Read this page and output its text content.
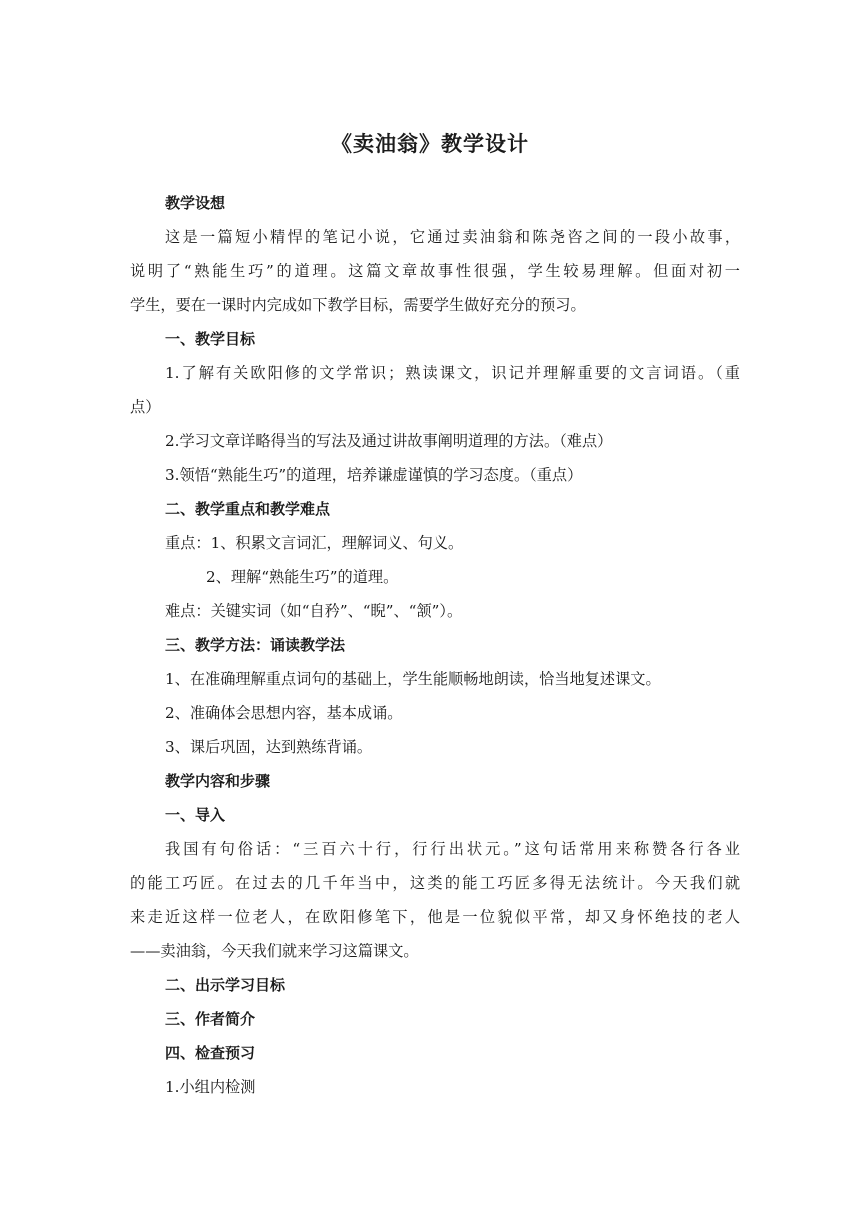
《卖油翁》教学设计
教学设想
这是一篇短小精悍的笔记小说，它通过卖油翁和陈尧咨之间的一段小故事，
说明了“熟能生巧”的道理。这篇文章故事性很强，学生较易理解。但面对初一
学生，要在一课时内完成如下教学目标，需要学生做好充分的预习。
一、教学目标
1.了解有关欧阳修的文学常识；熟读课文，识记并理解重要的文言词语。（重
点）
2.学习文章详略得当的写法及通过讲故事阐明道理的方法。（难点）
3.领悟“熟能生巧”的道理，培养谦虚谨慎的学习态度。（重点）
二、教学重点和教学难点
重点：1、积累文言词汇，理解词义、句义。
2、理解“熟能生巧”的道理。
难点：关键实词（如“自矜”、“睨”、“颔”）。
三、教学方法：诵读教学法
1、在准确理解重点词句的基础上，学生能顺畅地朗读，恰当地复述课文。
2、准确体会思想内容，基本成诵。
3、课后巩固，达到熟练背诵。
教学内容和步骤
一、导入
我国有句俗话：“三百六十行，行行出状元。”这句话常用来称赞各行各业
的能工巧匠。在过去的几千年当中，这类的能工巧匠多得无法统计。今天我们就
来走近这样一位老人，在欧阳修笔下，他是一位貌似平常，却又身怀绝技的老人
——卖油翁，今天我们就来学习这篇课文。
二、出示学习目标
三、作者简介
四、检查预习
1.小组内检测
